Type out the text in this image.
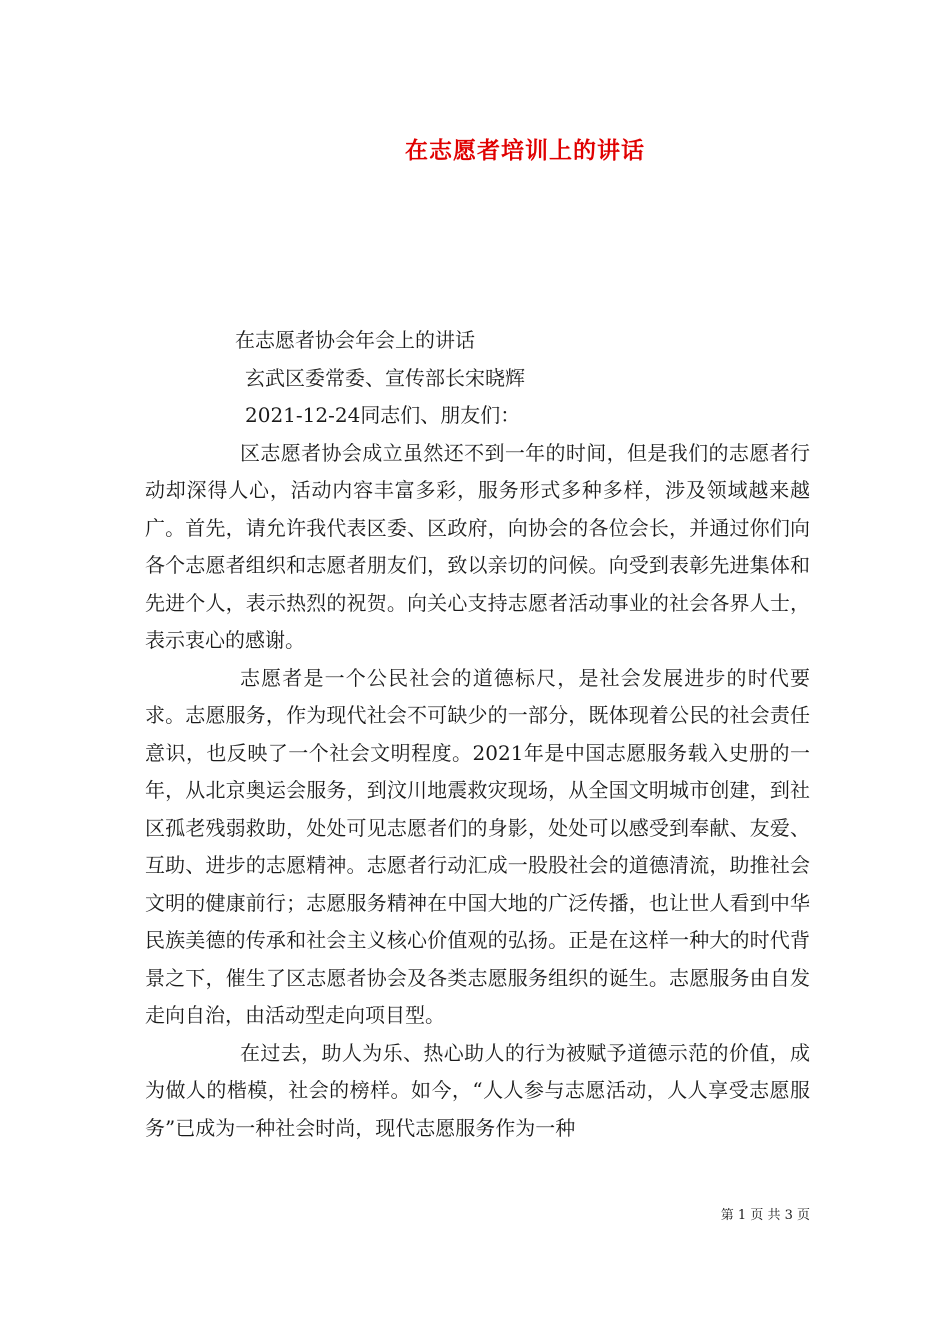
在志愿者培训上的讲话
在志愿者协会年会上的讲话
玄武区委常委、宣传部长宋晓辉
2021-12-24同志们、朋友们：

区志愿者协会成立虽然还不到一年的时间，但是我们的志愿者行动却深得人心，活动内容丰富多彩，服务形式多种多样，涉及领域越来越广。首先，请允许我代表区委、区政府，向协会的各位会长，并通过你们向各个志愿者组织和志愿者朋友们，致以亲切的问候。向受到表彰先进集体和先进个人，表示热烈的祝贺。向关心支持志愿者活动事业的社会各界人士，表示衷心的感谢。

志愿者是一个公民社会的道德标尺，是社会发展进步的时代要求。志愿服务，作为现代社会不可缺少的一部分，既体现着公民的社会责任意识，也反映了一个社会文明程度。2021年是中国志愿服务载入史册的一年，从北京奥运会服务，到汶川地震救灾现场，从全国文明城市创建，到社区孤老残弱救助，处处可见志愿者们的身影，处处可以感受到奉献、友爱、互助、进步的志愿精神。志愿者行动汇成一股股社会的道德清流，助推社会文明的健康前行；志愿服务精神在中国大地的广泛传播，也让世人看到中华民族美德的传承和社会主义核心价值观的弘扬。正是在这样一种大的时代背景之下，催生了区志愿者协会及各类志愿服务组织的诞生。志愿服务由自发走向自治，由活动型走向项目型。

在过去，助人为乐、热心助人的行为被赋予道德示范的价值，成为做人的楷模，社会的榜样。如今，“人人参与志愿活动，人人享受志愿服务”已成为一种社会时尚，现代志愿服务作为一种

第 1 页 共 3 页
